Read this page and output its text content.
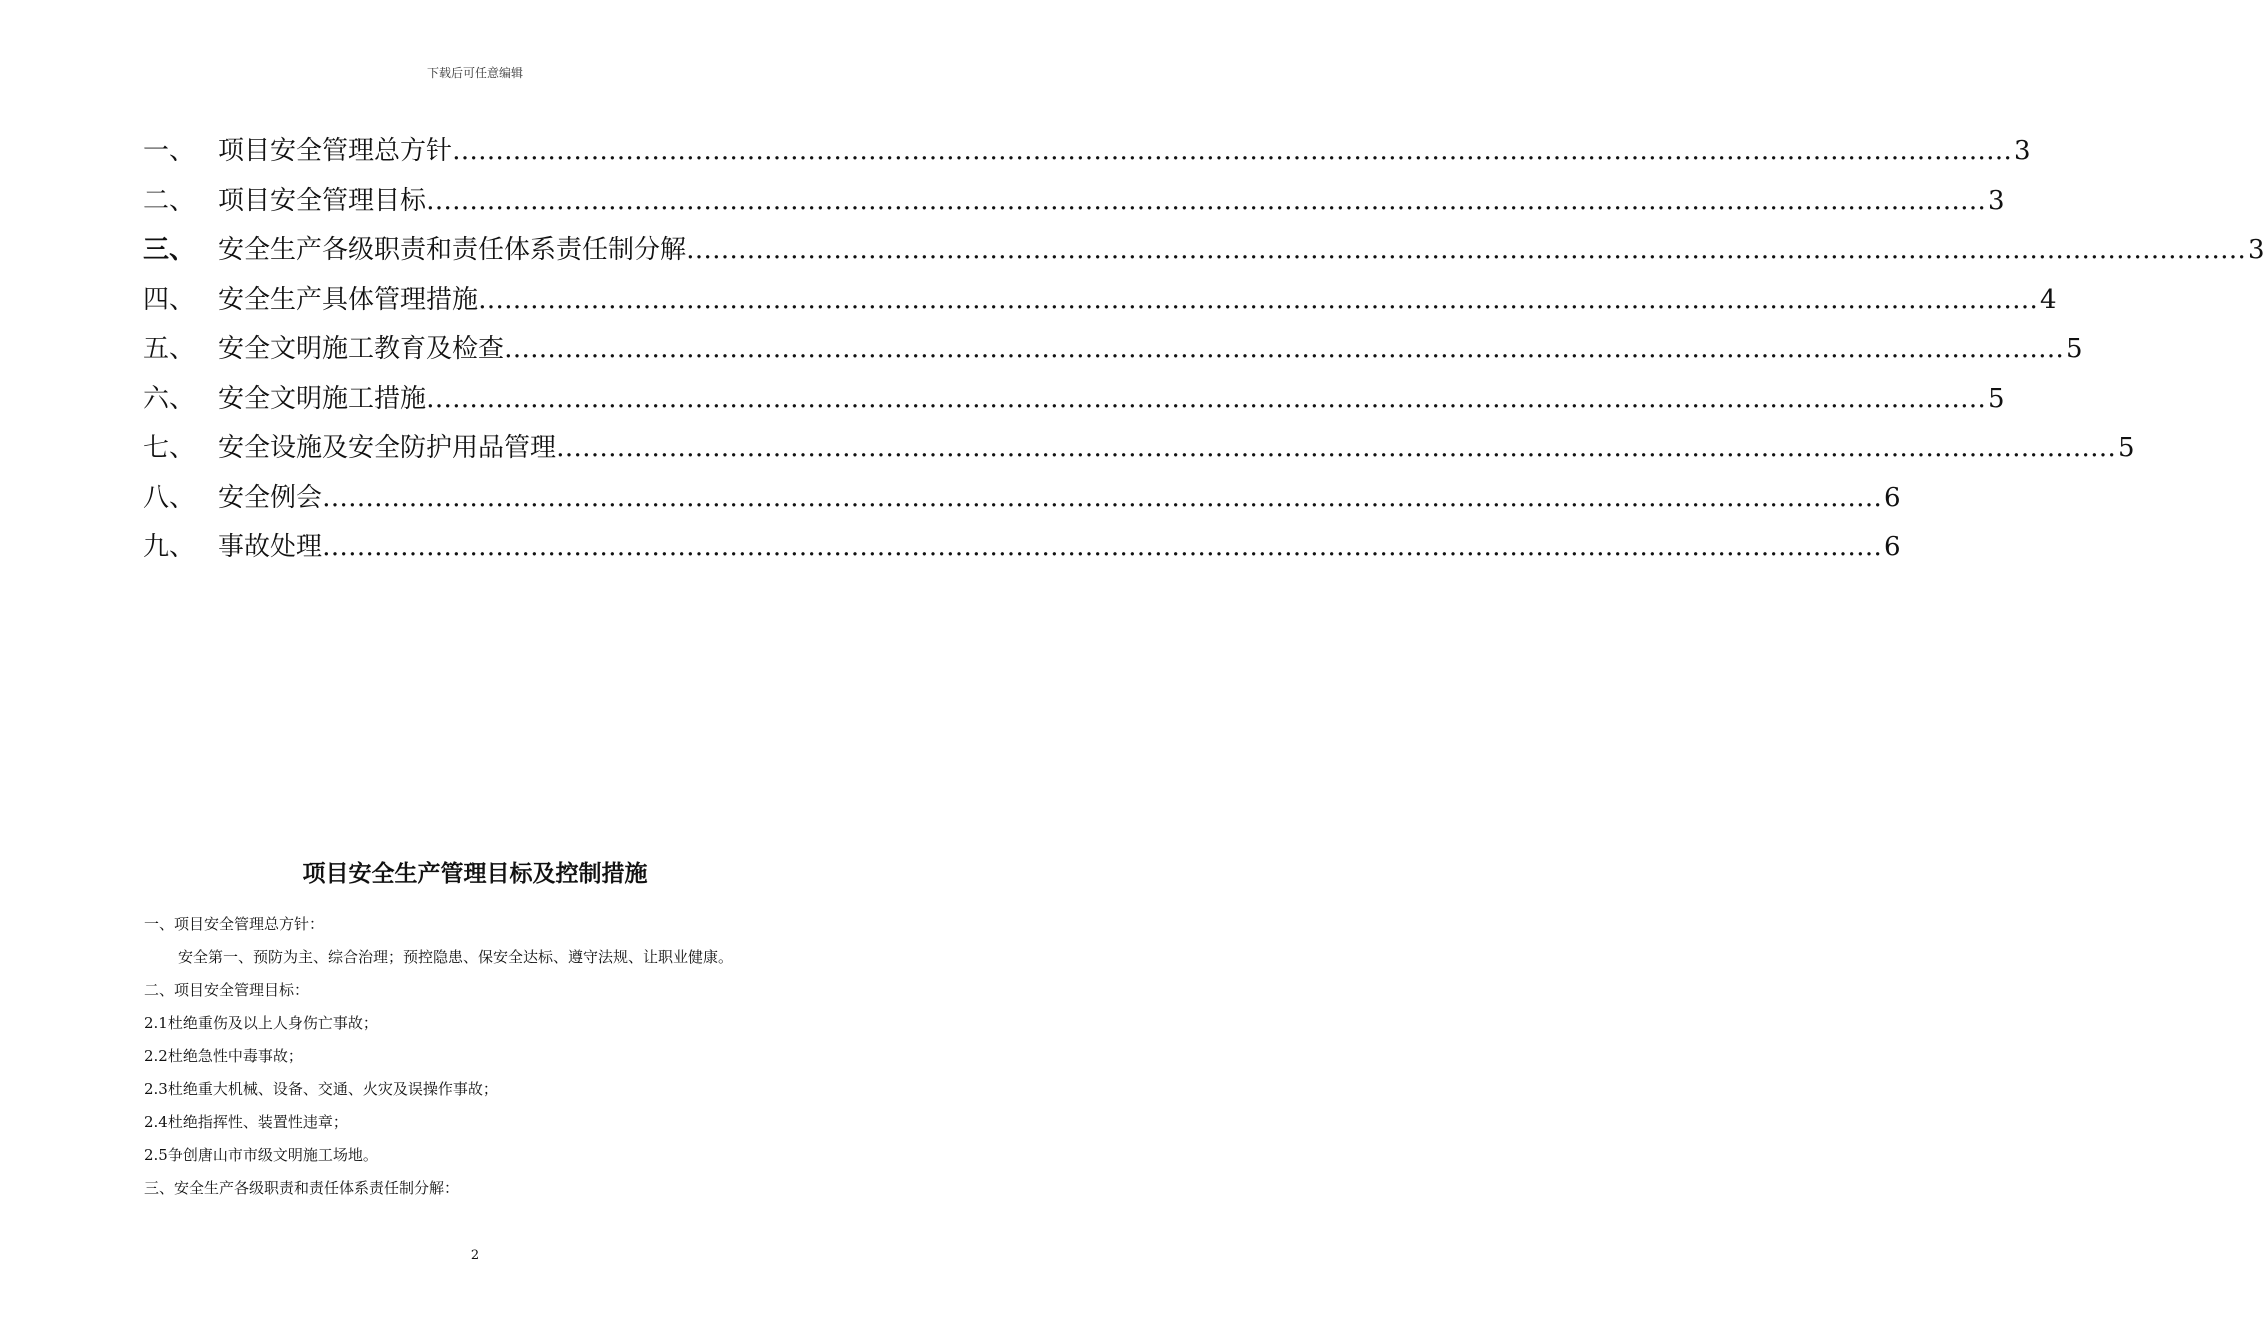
下载后可任意编辑
一、 项目安全管理总方针 ……………………………………………………………………………………………………………………………………………………………… 3
二、 项目安全管理目标 ……………………………………………………………………………………………………………………………………………………………… 3
三、 安全生产各级职责和责任体系责任制分解 ……………………………………………………………………………………………………………………………………………………………… 3
四、 安全生产具体管理措施 ……………………………………………………………………………………………………………………………………………………………… 4
五、 安全文明施工教育及检查 ……………………………………………………………………………………………………………………………………………………………… 5
六、 安全文明施工措施 ……………………………………………………………………………………………………………………………………………………………… 5
七、 安全设施及安全防护用品管理 ……………………………………………………………………………………………………………………………………………………………… 5
八、 安全例会 ……………………………………………………………………………………………………………………………………………………………… 6
九、 事故处理 ……………………………………………………………………………………………………………………………………………………………… 6
项目安全生产管理目标及控制措施
一、项目安全管理总方针：
安全第一、预防为主、综合治理；预控隐患、保安全达标、遵守法规、让职业健康。
二、项目安全管理目标：
2.1杜绝重伤及以上人身伤亡事故；
2.2杜绝急性中毒事故；
2.3杜绝重大机械、设备、交通、火灾及误操作事故；
2.4杜绝指挥性、装置性违章；
2.5争创唐山市市级文明施工场地。
三、安全生产各级职责和责任体系责任制分解：
2
